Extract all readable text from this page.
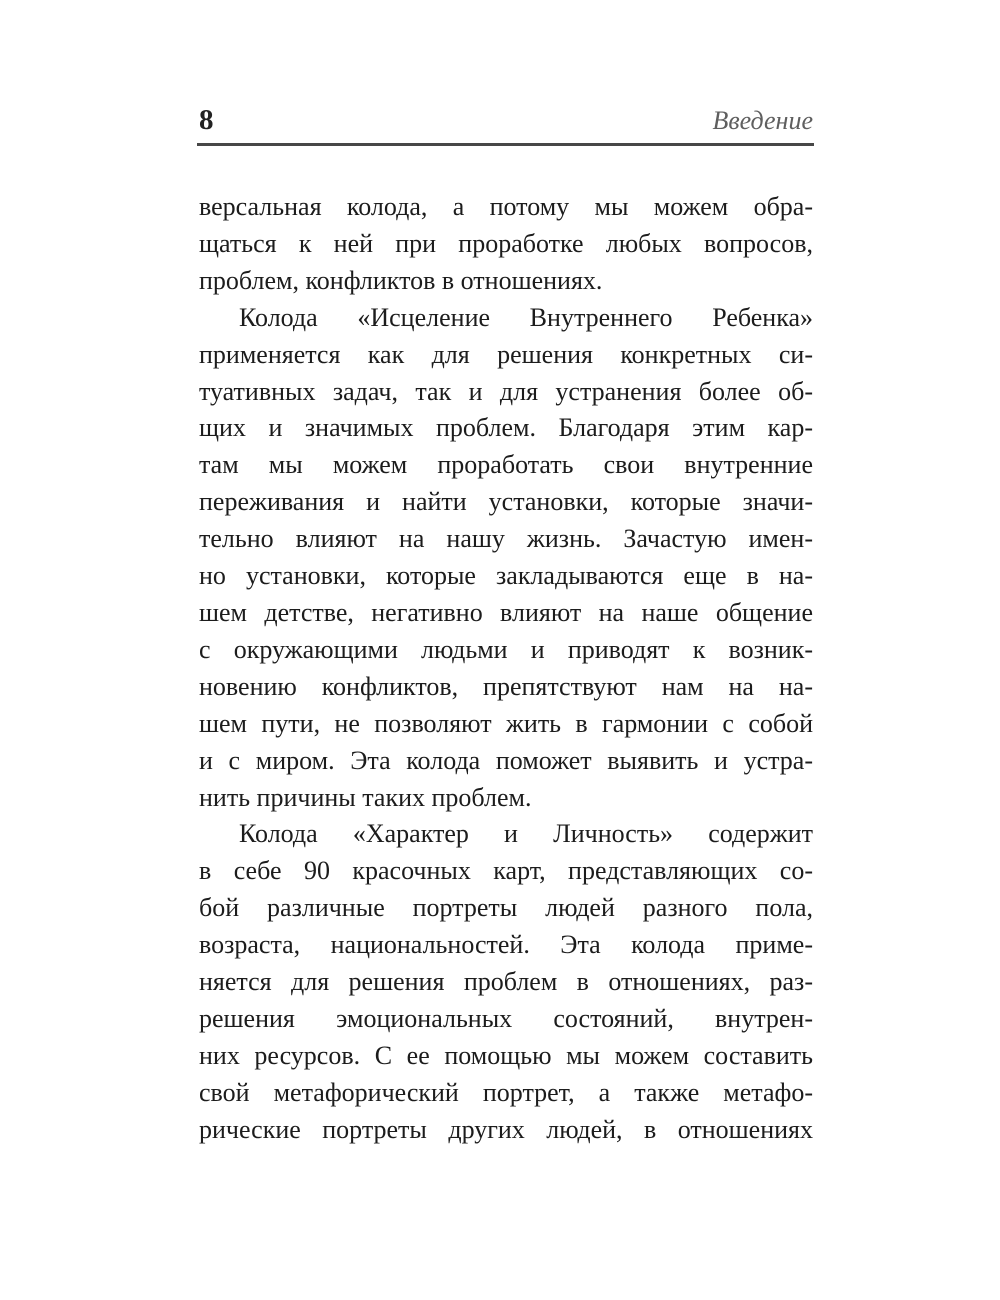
8	Введение
версальная колода, а потому мы можем обра-
щаться к ней при проработке любых вопросов,
проблем, конфликтов в отношениях.
Колода «Исцеление Внутреннего Ребенка»
применяется как для решения конкретных си-
туативных задач, так и для устранения более об-
щих и значимых проблем. Благодаря этим кар-
там мы можем проработать свои внутренние
переживания и найти установки, которые значи-
тельно влияют на нашу жизнь. Зачастую имен-
но установки, которые закладываются еще в на-
шем детстве, негативно влияют на наше общение
с окружающими людьми и приводят к возник-
новению конфликтов, препятствуют нам на на-
шем пути, не позволяют жить в гармонии с собой
и с миром. Эта колода поможет выявить и устра-
нить причины таких проблем.
Колода «Характер и Личность» содержит
в себе 90 красочных карт, представляющих со-
бой различные портреты людей разного пола,
возраста, национальностей. Эта колода приме-
няется для решения проблем в отношениях, раз-
решения эмоциональных состояний, внутрен-
них ресурсов. С ее помощью мы можем составить
свой метафорический портрет, а также метафо-
рические портреты других людей, в отношениях
